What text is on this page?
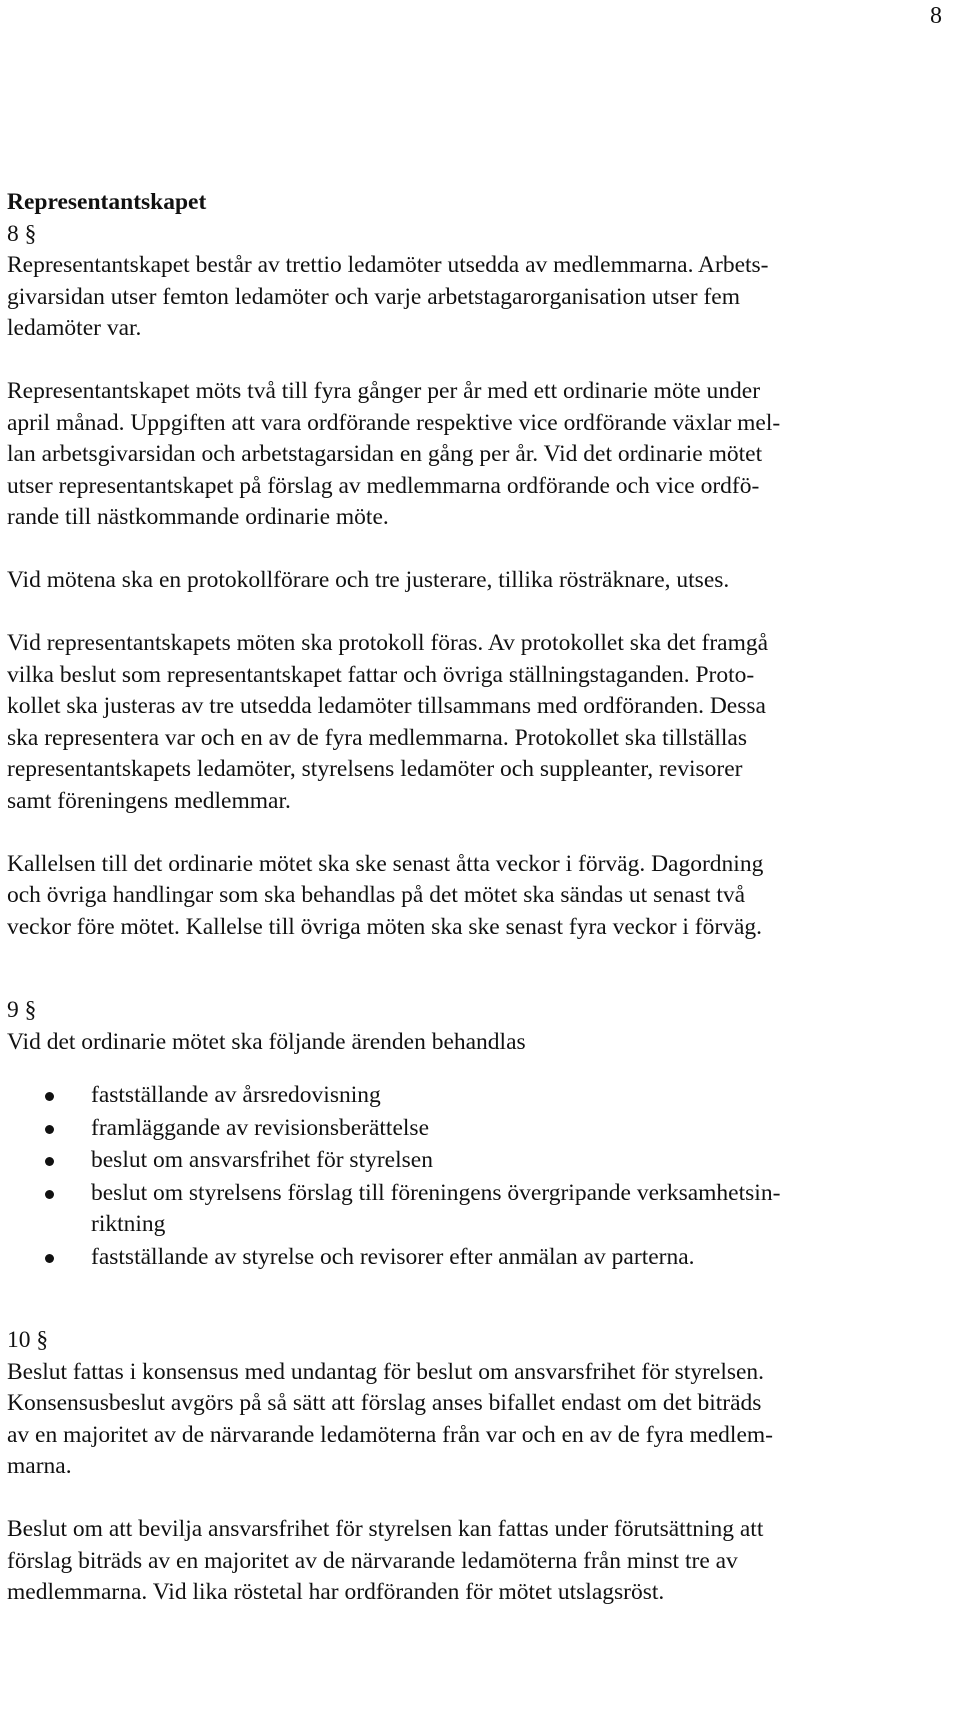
8
Representantskapet
8 §
Representantskapet består av trettio ledamöter utsedda av medlemmarna. Arbets-
givarsidan utser femton ledamöter och varje arbetstagarorganisation utser fem
ledamöter var.
Representantskapet möts två till fyra gånger per år med ett ordinarie möte under
april månad. Uppgiften att vara ordförande respektive vice ordförande växlar mel-
lan arbetsgivarsidan och arbetstagarsidan en gång per år. Vid det ordinarie mötet
utser representantskapet på förslag av medlemmarna ordförande och vice ordfö-
rande till nästkommande ordinarie möte.
Vid mötena ska en protokollförare och tre justerare, tillika rösträknare, utses.
Vid representantskapets möten ska protokoll föras. Av protokollet ska det framgå
vilka beslut som representantskapet fattar och övriga ställningstaganden. Proto-
kollet ska justeras av tre utsedda ledamöter tillsammans med ordföranden. Dessa
ska representera var och en av de fyra medlemmarna. Protokollet ska tillställas
representantskapets ledamöter, styrelsens ledamöter och suppleanter, revisorer
samt föreningens medlemmar.
Kallelsen till det ordinarie mötet ska ske senast åtta veckor i förväg. Dagordning
och övriga handlingar som ska behandlas på det mötet ska sändas ut senast två
veckor före mötet. Kallelse till övriga möten ska ske senast fyra veckor i förväg.
9 §
Vid det ordinarie mötet ska följande ärenden behandlas
fastställande av årsredovisning
framläggande av revisionsberättelse
beslut om ansvarsfrihet för styrelsen
beslut om styrelsens förslag till föreningens övergripande verksamhetsin-
riktning
fastställande av styrelse och revisorer efter anmälan av parterna.
10 §
Beslut fattas i konsensus med undantag för beslut om ansvarsfrihet för styrelsen.
Konsensusbeslut avgörs på så sätt att förslag anses bifallet endast om det biträds
av en majoritet av de närvarande ledamöterna från var och en av de fyra medlem-
marna.
Beslut om att bevilja ansvarsfrihet för styrelsen kan fattas under förutsättning att
förslag biträds av en majoritet av de närvarande ledamöterna från minst tre av
medlemmarna. Vid lika röstetal har ordföranden för mötet utslagsröst.
